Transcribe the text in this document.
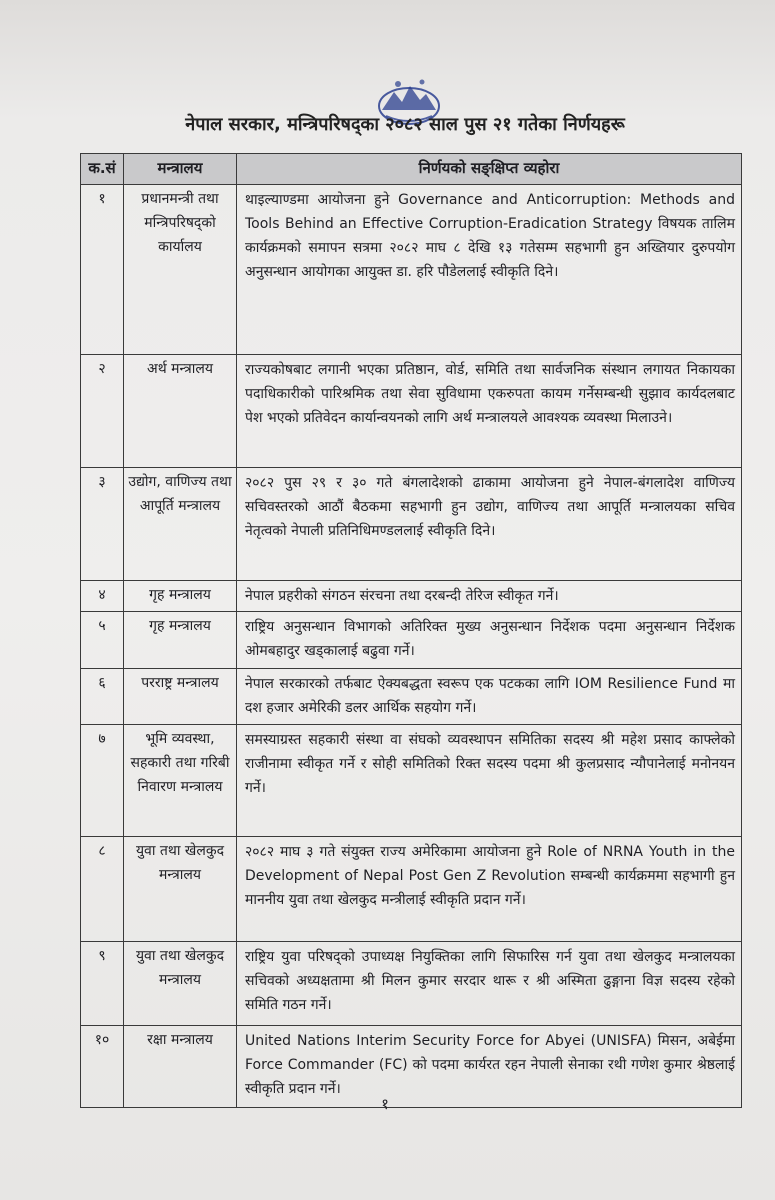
नेपाल सरकार, मन्त्रिपरिषद्का २०८२ साल पुस २१ गतेका निर्णयहरू
क.सं	मन्त्रालय	निर्णयको सङ्क्षिप्त व्यहोरा
१	प्रधानमन्त्री तथा मन्त्रिपरिषद्‌को कार्यालय	थाइल्याण्डमा आयोजना हुने Governance and Anticorruption: Methods and Tools Behind an Effective Corruption-Eradication Strategy विषयक तालिम कार्यक्रमको समापन सत्रमा २०८२ माघ ८ देखि १३ गतेसम्म सहभागी हुन अख्तियार दुरुपयोग अनुसन्धान आयोगका आयुक्त डा. हरि पौडेललाई स्वीकृति दिने।
२	अर्थ मन्त्रालय	राज्यकोषबाट लगानी भएका प्रतिष्ठान, वोर्ड, समिति तथा सार्वजनिक संस्थान लगायत निकायका पदाधिकारीको पारिश्रमिक तथा सेवा सुविधामा एकरुपता कायम गर्नेसम्बन्धी सुझाव कार्यदलबाट पेश भएको प्रतिवेदन कार्यान्वयनको लागि अर्थ मन्त्रालयले आवश्यक व्यवस्था मिलाउने।
३	उद्योग, वाणिज्य तथा आपूर्ति मन्त्रालय	२०८२ पुस २९ र ३० गते बंगलादेशको ढाकामा आयोजना हुने नेपाल-बंगलादेश वाणिज्य सचिवस्तरको आठौं बैठकमा सहभागी हुन उद्योग, वाणिज्य तथा आपूर्ति मन्त्रालयका सचिव नेतृत्वको नेपाली प्रतिनिधिमण्डललाई स्वीकृति दिने।
४	गृह मन्त्रालय	नेपाल प्रहरीको संगठन संरचना तथा दरबन्दी तेरिज स्वीकृत गर्ने।
५	गृह मन्त्रालय	राष्ट्रिय अनुसन्धान विभागको अतिरिक्त मुख्य अनुसन्धान निर्देशक पदमा अनुसन्धान निर्देशक ओमबहादुर खड्कालाई बढुवा गर्ने।
६	परराष्ट्र मन्त्रालय	नेपाल सरकारको तर्फबाट ऐक्यबद्धता स्वरूप एक पटकका लागि IOM Resilience Fund मा दश हजार अमेरिकी डलर आर्थिक सहयोग गर्ने।
७	भूमि व्यवस्था, सहकारी तथा गरिबी निवारण मन्त्रालय	समस्याग्रस्त सहकारी संस्था वा संघको व्यवस्थापन समितिका सदस्य श्री महेश प्रसाद काफ्लेको राजीनामा स्वीकृत गर्ने र सोही समितिको रिक्त सदस्य पदमा श्री कुलप्रसाद न्यौपानेलाई मनोनयन गर्ने।
८	युवा तथा खेलकुद मन्त्रालय	२०८२ माघ ३ गते संयुक्त राज्य अमेरिकामा आयोजना हुने Role of NRNA Youth in the Development of Nepal Post Gen Z Revolution सम्बन्धी कार्यक्रममा सहभागी हुन माननीय युवा तथा खेलकुद मन्त्रीलाई स्वीकृति प्रदान गर्ने।
९	युवा तथा खेलकुद मन्त्रालय	राष्ट्रिय युवा परिषद्‌को उपाध्यक्ष नियुक्तिका लागि सिफारिस गर्न युवा तथा खेलकुद मन्त्रालयका सचिवको अध्यक्षतामा श्री मिलन कुमार सरदार थारू र श्री अस्मिता ढुङ्गाना विज्ञ सदस्य रहेको समिति गठन गर्ने।
१०	रक्षा मन्त्रालय	United Nations Interim Security Force for Abyei (UNISFA) मिसन, अबेईमा Force Commander (FC) को पदमा कार्यरत रहन नेपाली सेनाका रथी गणेश कुमार श्रेष्ठलाई स्वीकृति प्रदान गर्ने।
१
